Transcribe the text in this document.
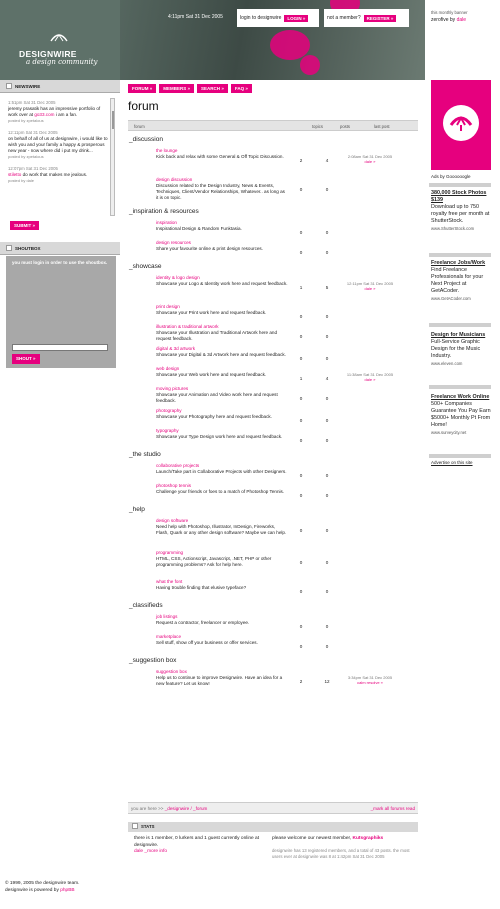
DESIGNWIRE
a design community
4:11pm Sat 31 Dec 2005	login to designwire	LOGIN »	not a member?	REGISTER »
this monthly banner
zerofive by dale
NEWSWIRE
1:51pm Sat 31 Dec 2005
jeremy prasatik has an impressive portfolio of work over at go33.com i am a fan.
posted by zpetalous
12:11pm Sat 31 Dec 2005
on behalf of all of us at designwire, i would like to wish you and your family a happy & prosperous new year - now where did i put my drink...
posted by zpetalous
12:07pm Sat 31 Dec 2005
stiletto do work that makes me jealous.
posted by dale
SUBMIT »
SHOUTBOX
you must login in order to use the shoutbox.
SHOUT »
FORUM »	MEMBERS »	SEARCH »	FAQ »
forum
forum	topics	posts	last post
_discussion
the lounge
Kick back and relax with some General & Off Topic Discussion.
2	4
2:08am Sat 31 Dec 2005
dale »
design discussion
Discussion related to the Design Industry, News & Events, Techniques, Client/Vendor Relationships, Whatever.. as long as it is on topic.
0	0
_inspiration & resources
inspiration
Inspirational Design & Random Funktasia.
0	0
design resources
Share your favourite online & print design resources.
0	0
_showcase
identity & logo design
Showcase your Logo & Identity work here and request feedback.
1	5
12:11pm Sat 31 Dec 2005
dale »
print design
Showcase your Print work here and request feedback.
0	0
illustration & traditional artwork
Showcase your Illustration and Traditional Artwork here and request feedback.	0	0
digital & 3d artwork
Showcase your Digital & 3d Artwork here and request feedback.
0	0
web design
Showcase your Web work here and request feedback.
1	4
11:38am Sat 31 Dec 2005
dale »
moving pictures
Showcase your Animation and Video work here and request feedback.	0	0
photography
Showcase your Photography here and request feedback.
0	0
typography
Showcase your Type Design work here and request feedback.
0	0
_the studio
collaborative projects
Launch/Take part in Collaborative Projects with other Designers.
0	0
photoshop tennis
Challenge your friends or foes to a match of Photoshop Tennis.
0	0
_help
design software
Need help with Photoshop, Illustrator, InDesign, Fireworks, Flash, Quark or any other design software? Maybe we can help.	0	0
programming
HTML, CSS, Actionscript, Javascript, .NET, PHP or other programming problems? Ask for help here.	0	0
what the font
Having trouble finding that elusive typeface?
0	0
_classifieds
job listings
Request a contractor, freelancer or employee.
0	0
marketplace
Sell stuff, show off your business or offer services.
0	0
_suggestion box
suggestion box
Help us to continue to improve Designwire. Have an idea for a new feature? Let us know!	2	12
3:34pm Sat 31 Dec 2005
calm resolve »
you are here >> _designwire / _forum	_mark all forums read
STATS
there is 1 member, 0 lurkers and 1 guest currently online at designwire.
dale _more info
please welcome our newest member, Kutsgraphiks
designwire has 13 registered members, and a total of 43 posts. the most users ever at designwire was 8 at 1:42pm Sat 31 Dec 2005
© 1999, 2005 the designwire team.
designwire is powered by phpBB
Ads by Goooooogle
380,000 Stock Photos $139
Download up to 750 royalty free per month at ShutterStock.
www.ShutterStock.com
Freelance Jobs/Work
Find Freelance Professionals for your Next Project at GetACoder.
www.GetACoder.com
Design for Musicians
Full-Service Graphic Design for the Music Industry.
www.eleven.com
Freelance Work Online
500+ Companies Guarantee You Pay Earn $5000+ Monthly Pt From Home!
www.surveycity.net
Advertise on this site
